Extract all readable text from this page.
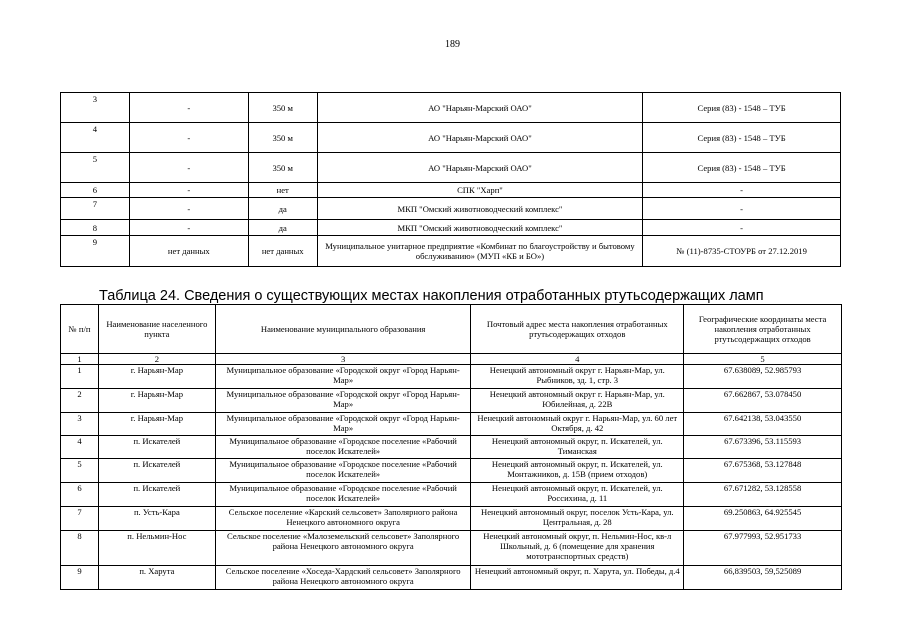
189
3	-	350 м	АО "Нарьян-Марский ОАО"	Серия (83) - 1548 – ТУБ
4	-	350 м	АО "Нарьян-Марский ОАО"	Серия (83) - 1548 – ТУБ
5	-	350 м	АО "Нарьян-Марский ОАО"	Серия (83) - 1548 – ТУБ
6	-	нет	СПК "Харп"	-
7	-	да	МКП "Омский животноводческий комплекс"	-
8	-	да	МКП "Омский животноводческий комплекс"	-
9	нет данных	нет данных	Муниципальное унитарное предприятие «Комбинат по благоустройству и бытовому обслуживанию» (МУП «КБ и БО»)	№ (11)-8735-СТОУРБ от 27.12.2019
Таблица 24. Сведения о существующих местах накопления отработанных ртутьсодержащих ламп
№ п/п	Наименование населенного пункта	Наименование муниципального образования	Почтовый адрес места накопления отработанных ртутьсодержащих отходов	Географические координаты места накопления отработанных ртутьсодержащих отходов
1	2	3	4	5
1	г. Нарьян-Мар	Муниципальное образование «Городской округ «Город Нарьян-Мар»	Ненецкий автономный округ г. Нарьян-Мар, ул. Рыбников, зд. 1, стр. 3	67.638089, 52.985793
2	г. Нарьян-Мар	Муниципальное образование «Городской округ «Город Нарьян-Мар»	Ненецкий автономный округ г. Нарьян-Мар, ул. Юбилейная, д. 22В	67.662867, 53.078450
3	г. Нарьян-Мар	Муниципальное образование «Городской округ «Город Нарьян-Мар»	Ненецкий автономный округ г. Нарьян-Мар, ул. 60 лет Октября, д. 42	67.642138, 53.043550
4	п. Искателей	Муниципальное образование «Городское поселение «Рабочий поселок Искателей»	Ненецкий автономный округ, п. Искателей, ул. Тиманская	67.673396, 53.115593
5	п. Искателей	Муниципальное образование «Городское поселение «Рабочий поселок Искателей»	Ненецкий автономный округ, п. Искателей, ул. Монтажников, д. 15В (прием отходов)	67.675368, 53.127848
6	п. Искателей	Муниципальное образование «Городское поселение «Рабочий поселок Искателей»	Ненецкий автономный округ, п. Искателей, ул. Россихина, д. 11	67.671282, 53.128558
7	п. Усть-Кара	Сельское поселение «Карский сельсовет» Заполярного района Ненецкого автономного округа	Ненецкий автономный округ, поселок Усть-Кара, ул. Центральная, д. 28	69.250863, 64.925545
8	п. Нельмин-Нос	Сельское поселение «Малоземельский сельсовет» Заполярного района Ненецкого автономного округа	Ненецкий автономный округ, п. Нельмин-Нос, кв-л Школьный, д. 6 (помещение для хранения мототранспортных средств)	67.977993, 52.951733
9	п. Харута	Сельское поселение «Хоседа-Хардский сельсовет» Заполярного района Ненецкого автономного округа	Ненецкий автономный округ, п. Харута, ул. Победы, д.4	66,839503, 59,525089
